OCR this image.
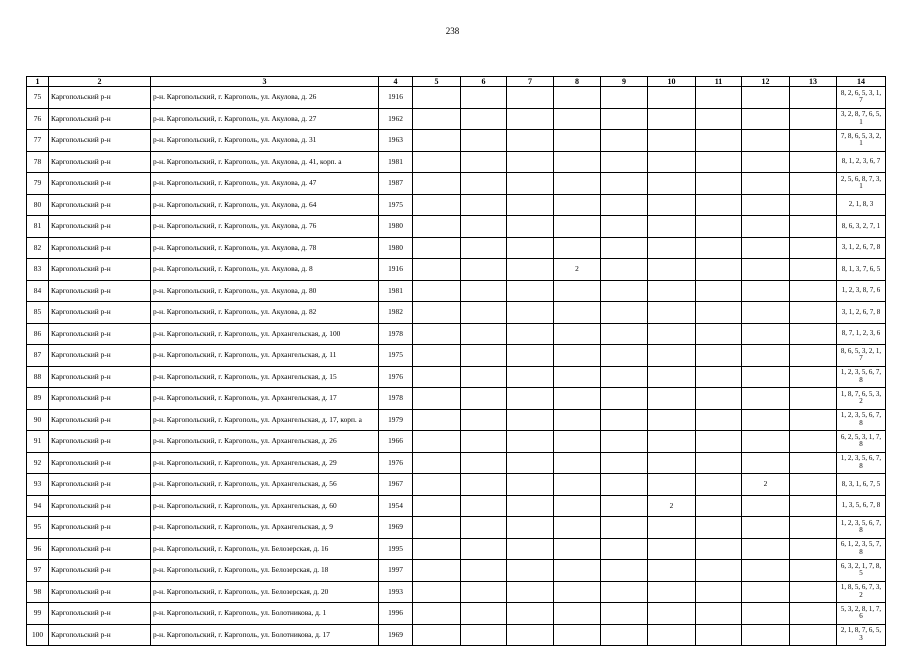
238
1	2	3	4	5	6	7	8	9	10	11	12	13	14
75	Каргопольский р-н	р-н. Каргопольский, г. Каргополь, ул. Акулова, д. 26	1916										8, 2, 6, 5, 3, 1, 7
76	Каргопольский р-н	р-н. Каргопольский, г. Каргополь, ул. Акулова, д. 27	1962										3, 2, 8, 7, 6, 5, 1
77	Каргопольский р-н	р-н. Каргопольский, г. Каргополь, ул. Акулова, д. 31	1963										7, 8, 6, 5, 3, 2, 1
78	Каргопольский р-н	р-н. Каргопольский, г. Каргополь, ул. Акулова, д. 41, корп. а	1981										8, 1, 2, 3, 6, 7
79	Каргопольский р-н	р-н. Каргопольский, г. Каргополь, ул. Акулова, д. 47	1987										2, 5, 6, 8, 7, 3, 1
80	Каргопольский р-н	р-н. Каргопольский, г. Каргополь, ул. Акулова, д. 64	1975										2, 1, 8, 3
81	Каргопольский р-н	р-н. Каргопольский, г. Каргополь, ул. Акулова, д. 76	1980										8, 6, 3, 2, 7, 1
82	Каргопольский р-н	р-н. Каргопольский, г. Каргополь, ул. Акулова, д. 78	1980										3, 1, 2, 6, 7, 8
83	Каргопольский р-н	р-н. Каргопольский, г. Каргополь, ул. Акулова, д. 8	1916				2						8, 1, 3, 7, 6, 5
84	Каргопольский р-н	р-н. Каргопольский, г. Каргополь, ул. Акулова, д. 80	1981										1, 2, 3, 8, 7, 6
85	Каргопольский р-н	р-н. Каргопольский, г. Каргополь, ул. Акулова, д. 82	1982										3, 1, 2, 6, 7, 8
86	Каргопольский р-н	р-н. Каргопольский, г. Каргополь, ул. Архангельская, д. 100	1978										8, 7, 1, 2, 3, 6
87	Каргопольский р-н	р-н. Каргопольский, г. Каргополь, ул. Архангельская, д. 11	1975										8, 6, 5, 3, 2, 1, 7
88	Каргопольский р-н	р-н. Каргопольский, г. Каргополь, ул. Архангельская, д. 15	1976										1, 2, 3, 5, 6, 7, 8
89	Каргопольский р-н	р-н. Каргопольский, г. Каргополь, ул. Архангельская, д. 17	1978										1, 8, 7, 6, 5, 3, 2
90	Каргопольский р-н	р-н. Каргопольский, г. Каргополь, ул. Архангельская, д. 17, корп. а	1979										1, 2, 3, 5, 6, 7, 8
91	Каргопольский р-н	р-н. Каргопольский, г. Каргополь, ул. Архангельская, д. 26	1966										6, 2, 5, 3, 1, 7, 8
92	Каргопольский р-н	р-н. Каргопольский, г. Каргополь, ул. Архангельская, д. 29	1976										1, 2, 3, 5, 6, 7, 8
93	Каргопольский р-н	р-н. Каргопольский, г. Каргополь, ул. Архангельская, д. 56	1967								2		8, 3, 1, 6, 7, 5
94	Каргопольский р-н	р-н. Каргопольский, г. Каргополь, ул. Архангельская, д. 60	1954						2				1, 3, 5, 6, 7, 8
95	Каргопольский р-н	р-н. Каргопольский, г. Каргополь, ул. Архангельская, д. 9	1969										1, 2, 3, 5, 6, 7, 8
96	Каргопольский р-н	р-н. Каргопольский, г. Каргополь, ул. Белозерская, д. 16	1995										6, 1, 2, 3, 5, 7, 8
97	Каргопольский р-н	р-н. Каргопольский, г. Каргополь, ул. Белозерская, д. 18	1997										6, 3, 2, 1, 7, 8, 5
98	Каргопольский р-н	р-н. Каргопольский, г. Каргополь, ул. Белозерская, д. 20	1993										1, 8, 5, 6, 7, 3, 2
99	Каргопольский р-н	р-н. Каргопольский, г. Каргополь, ул. Болотникова, д. 1	1996										5, 3, 2, 8, 1, 7, 6
100	Каргопольский р-н	р-н. Каргопольский, г. Каргополь, ул. Болотникова, д. 17	1969										2, 1, 8, 7, 6, 5, 3
